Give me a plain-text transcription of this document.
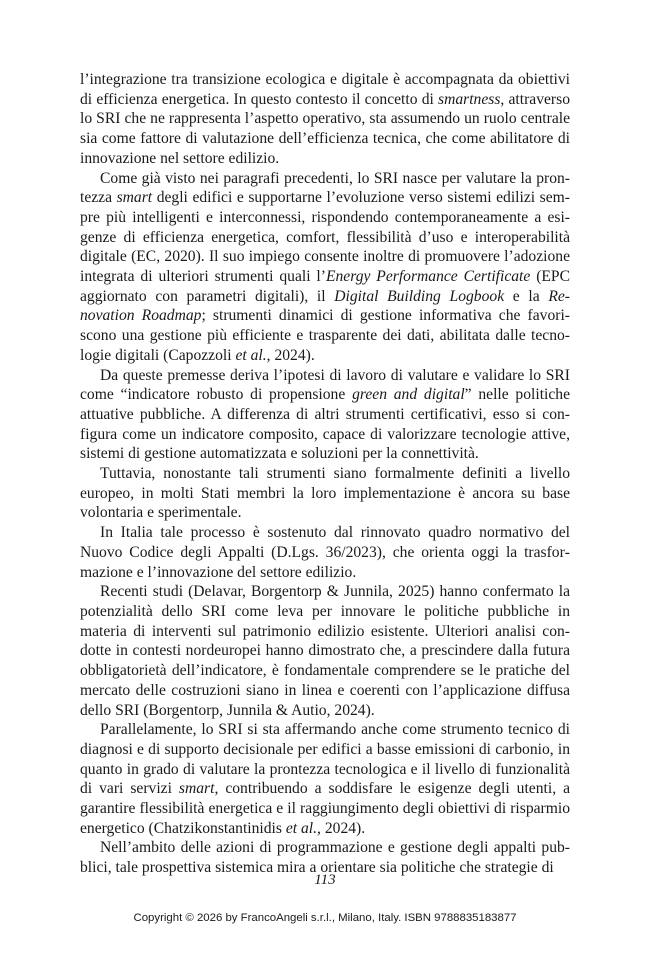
l’integrazione tra transizione ecologica e digitale è accompagnata da obiettivi di efficienza energetica. In questo contesto il concetto di smartness, attraverso lo SRI che ne rappresenta l’aspetto operativo, sta assumendo un ruolo centrale sia come fattore di valutazione dell’efficienza tecnica, che come abilitatore di innovazione nel settore edilizio.

Come già visto nei paragrafi precedenti, lo SRI nasce per valutare la prontezza smart degli edifici e supportarne l’evoluzione verso sistemi edilizi sempre più intelligenti e interconnessi, rispondendo contemporaneamente a esigenze di efficienza energetica, comfort, flessibilità d’uso e interoperabilità digitale (EC, 2020). Il suo impiego consente inoltre di promuovere l’adozione integrata di ulteriori strumenti quali l’Energy Performance Certificate (EPC aggiornato con parametri digitali), il Digital Building Logbook e la Renovation Roadmap; strumenti dinamici di gestione informativa che favoriscono una gestione più efficiente e trasparente dei dati, abilitata dalle tecnologie digitali (Capozzoli et al., 2024).

Da queste premesse deriva l’ipotesi di lavoro di valutare e validare lo SRI come “indicatore robusto di propensione green and digital” nelle politiche attuative pubbliche. A differenza di altri strumenti certificativi, esso si configura come un indicatore composito, capace di valorizzare tecnologie attive, sistemi di gestione automatizzata e soluzioni per la connettività.

Tuttavia, nonostante tali strumenti siano formalmente definiti a livello europeo, in molti Stati membri la loro implementazione è ancora su base volontaria e sperimentale.

In Italia tale processo è sostenuto dal rinnovato quadro normativo del Nuovo Codice degli Appalti (D.Lgs. 36/2023), che orienta oggi la trasformazione e l’innovazione del settore edilizio.

Recenti studi (Delavar, Borgentorp & Junnila, 2025) hanno confermato la potenzialità dello SRI come leva per innovare le politiche pubbliche in materia di interventi sul patrimonio edilizio esistente. Ulteriori analisi condotte in contesti nordeuropei hanno dimostrato che, a prescindere dalla futura obbligatorietà dell’indicatore, è fondamentale comprendere se le pratiche del mercato delle costruzioni siano in linea e coerenti con l’applicazione diffusa dello SRI (Borgentorp, Junnila & Autio, 2024).

Parallelamente, lo SRI si sta affermando anche come strumento tecnico di diagnosi e di supporto decisionale per edifici a basse emissioni di carbonio, in quanto in grado di valutare la prontezza tecnologica e il livello di funzionalità di vari servizi smart, contribuendo a soddisfare le esigenze degli utenti, a garantire flessibilità energetica e il raggiungimento degli obiettivi di risparmio energetico (Chatzikonstantinidis et al., 2024).

Nell’ambito delle azioni di programmazione e gestione degli appalti pubblici, tale prospettiva sistemica mira a orientare sia politiche che strategie di

113
Copyright © 2026 by FrancoAngeli s.r.l., Milano, Italy. ISBN 9788835183877
